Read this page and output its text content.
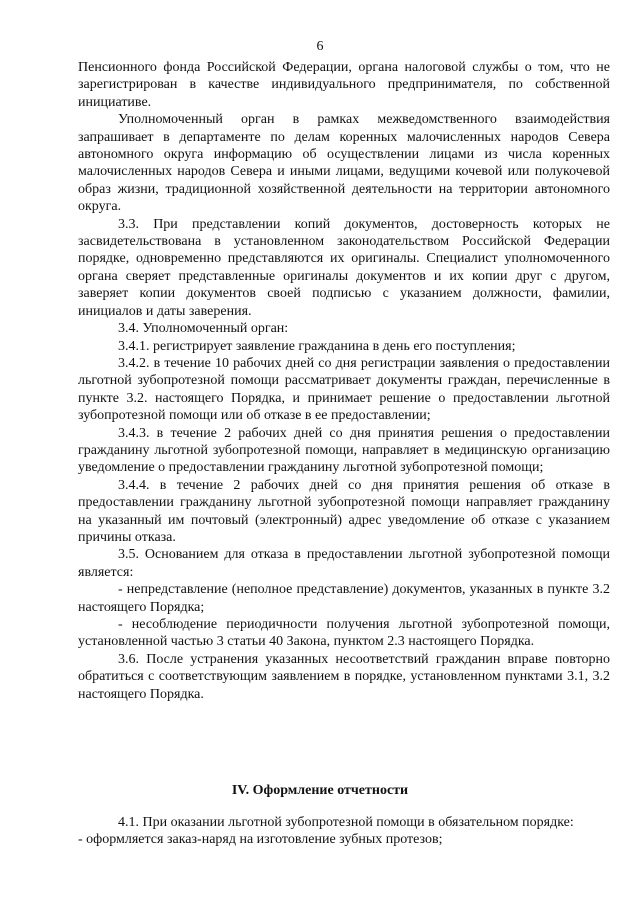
6

Пенсионного фонда Российской Федерации, органа налоговой службы о том, что не зарегистрирован в качестве индивидуального предпринимателя, по собственной инициативе.

Уполномоченный орган в рамках межведомственного взаимодействия запрашивает в департаменте по делам коренных малочисленных народов Севера автономного округа информацию об осуществлении лицами из числа коренных малочисленных народов Севера и иными лицами, ведущими кочевой или полукочевой образ жизни, традиционной хозяйственной деятельности на территории автономного округа.

3.3. При представлении копий документов, достоверность которых не засвидетельствована в установленном законодательством Российской Федерации порядке, одновременно представляются их оригиналы. Специалист уполномоченного органа сверяет представленные оригиналы документов и их копии друг с другом, заверяет копии документов своей подписью с указанием должности, фамилии, инициалов и даты заверения.

3.4. Уполномоченный орган:

3.4.1. регистрирует заявление гражданина в день его поступления;

3.4.2. в течение 10 рабочих дней со дня регистрации заявления о предоставлении льготной зубопротезной помощи рассматривает документы граждан, перечисленные в пункте 3.2. настоящего Порядка, и принимает решение о предоставлении льготной зубопротезной помощи или об отказе в ее предоставлении;

3.4.3. в течение 2 рабочих дней со дня принятия решения о предоставлении гражданину льготной зубопротезной помощи, направляет в медицинскую организацию уведомление о предоставлении гражданину льготной зубопротезной помощи;

3.4.4. в течение 2 рабочих дней со дня принятия решения об отказе в предоставлении гражданину льготной зубопротезной помощи направляет гражданину на указанный им почтовый (электронный) адрес уведомление об отказе с указанием причины отказа.

3.5. Основанием для отказа в предоставлении льготной зубопротезной помощи является:

- непредставление (неполное представление) документов, указанных в пункте 3.2 настоящего Порядка;

- несоблюдение периодичности получения льготной зубопротезной помощи, установленной частью 3 статьи 40 Закона, пунктом 2.3 настоящего Порядка.

3.6. После устранения указанных несоответствий гражданин вправе повторно обратиться с соответствующим заявлением в порядке, установленном пунктами 3.1, 3.2 настоящего Порядка.

IV. Оформление отчетности

4.1. При оказании льготной зубопротезной помощи в обязательном порядке:

- оформляется заказ-наряд на изготовление зубных протезов;
